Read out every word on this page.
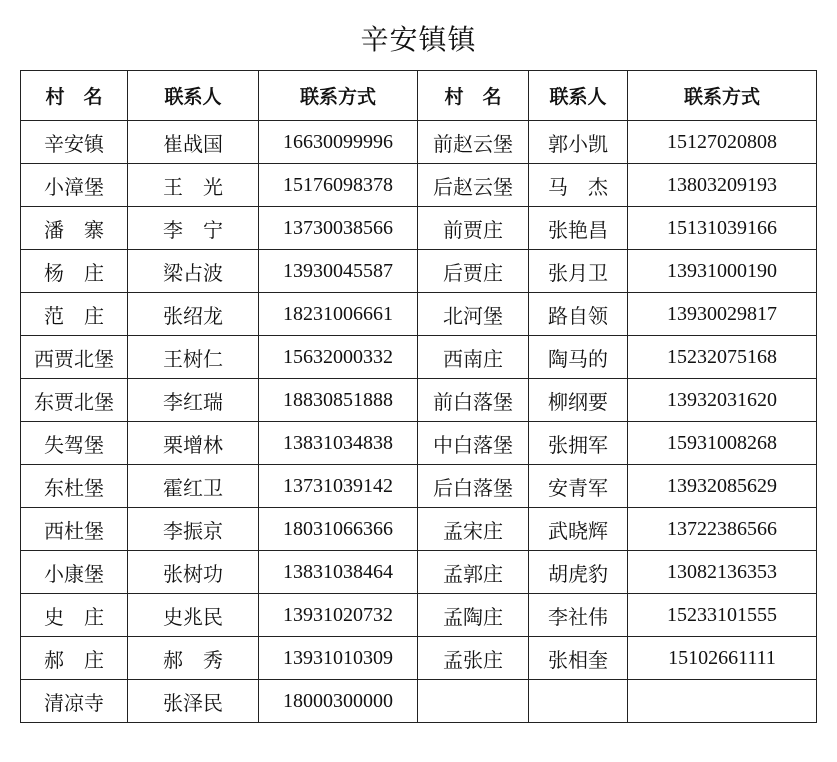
辛安镇镇
村　名	联系人	联系方式	村　名	联系人	联系方式
辛安镇	崔战国	16630099996	前赵云堡	郭小凯	15127020808
小漳堡	王　光	15176098378	后赵云堡	马　杰	13803209193
潘　寨	李　宁	13730038566	前贾庄	张艳昌	15131039166
杨　庄	梁占波	13930045587	后贾庄	张月卫	13931000190
范　庄	张绍龙	18231006661	北河堡	路自领	13930029817
西贾北堡	王树仁	15632000332	西南庄	陶马的	15232075168
东贾北堡	李红瑞	18830851888	前白落堡	柳纲要	13932031620
失驾堡	栗增林	13831034838	中白落堡	张拥军	15931008268
东杜堡	霍红卫	13731039142	后白落堡	安青军	13932085629
西杜堡	李振京	18031066366	孟宋庄	武晓辉	13722386566
小康堡	张树功	13831038464	孟郭庄	胡虎豹	13082136353
史　庄	史兆民	13931020732	孟陶庄	李社伟	15233101555
郝　庄	郝　秀	13931010309	孟张庄	张相奎	15102661111
清凉寺	张泽民	18000300000			
